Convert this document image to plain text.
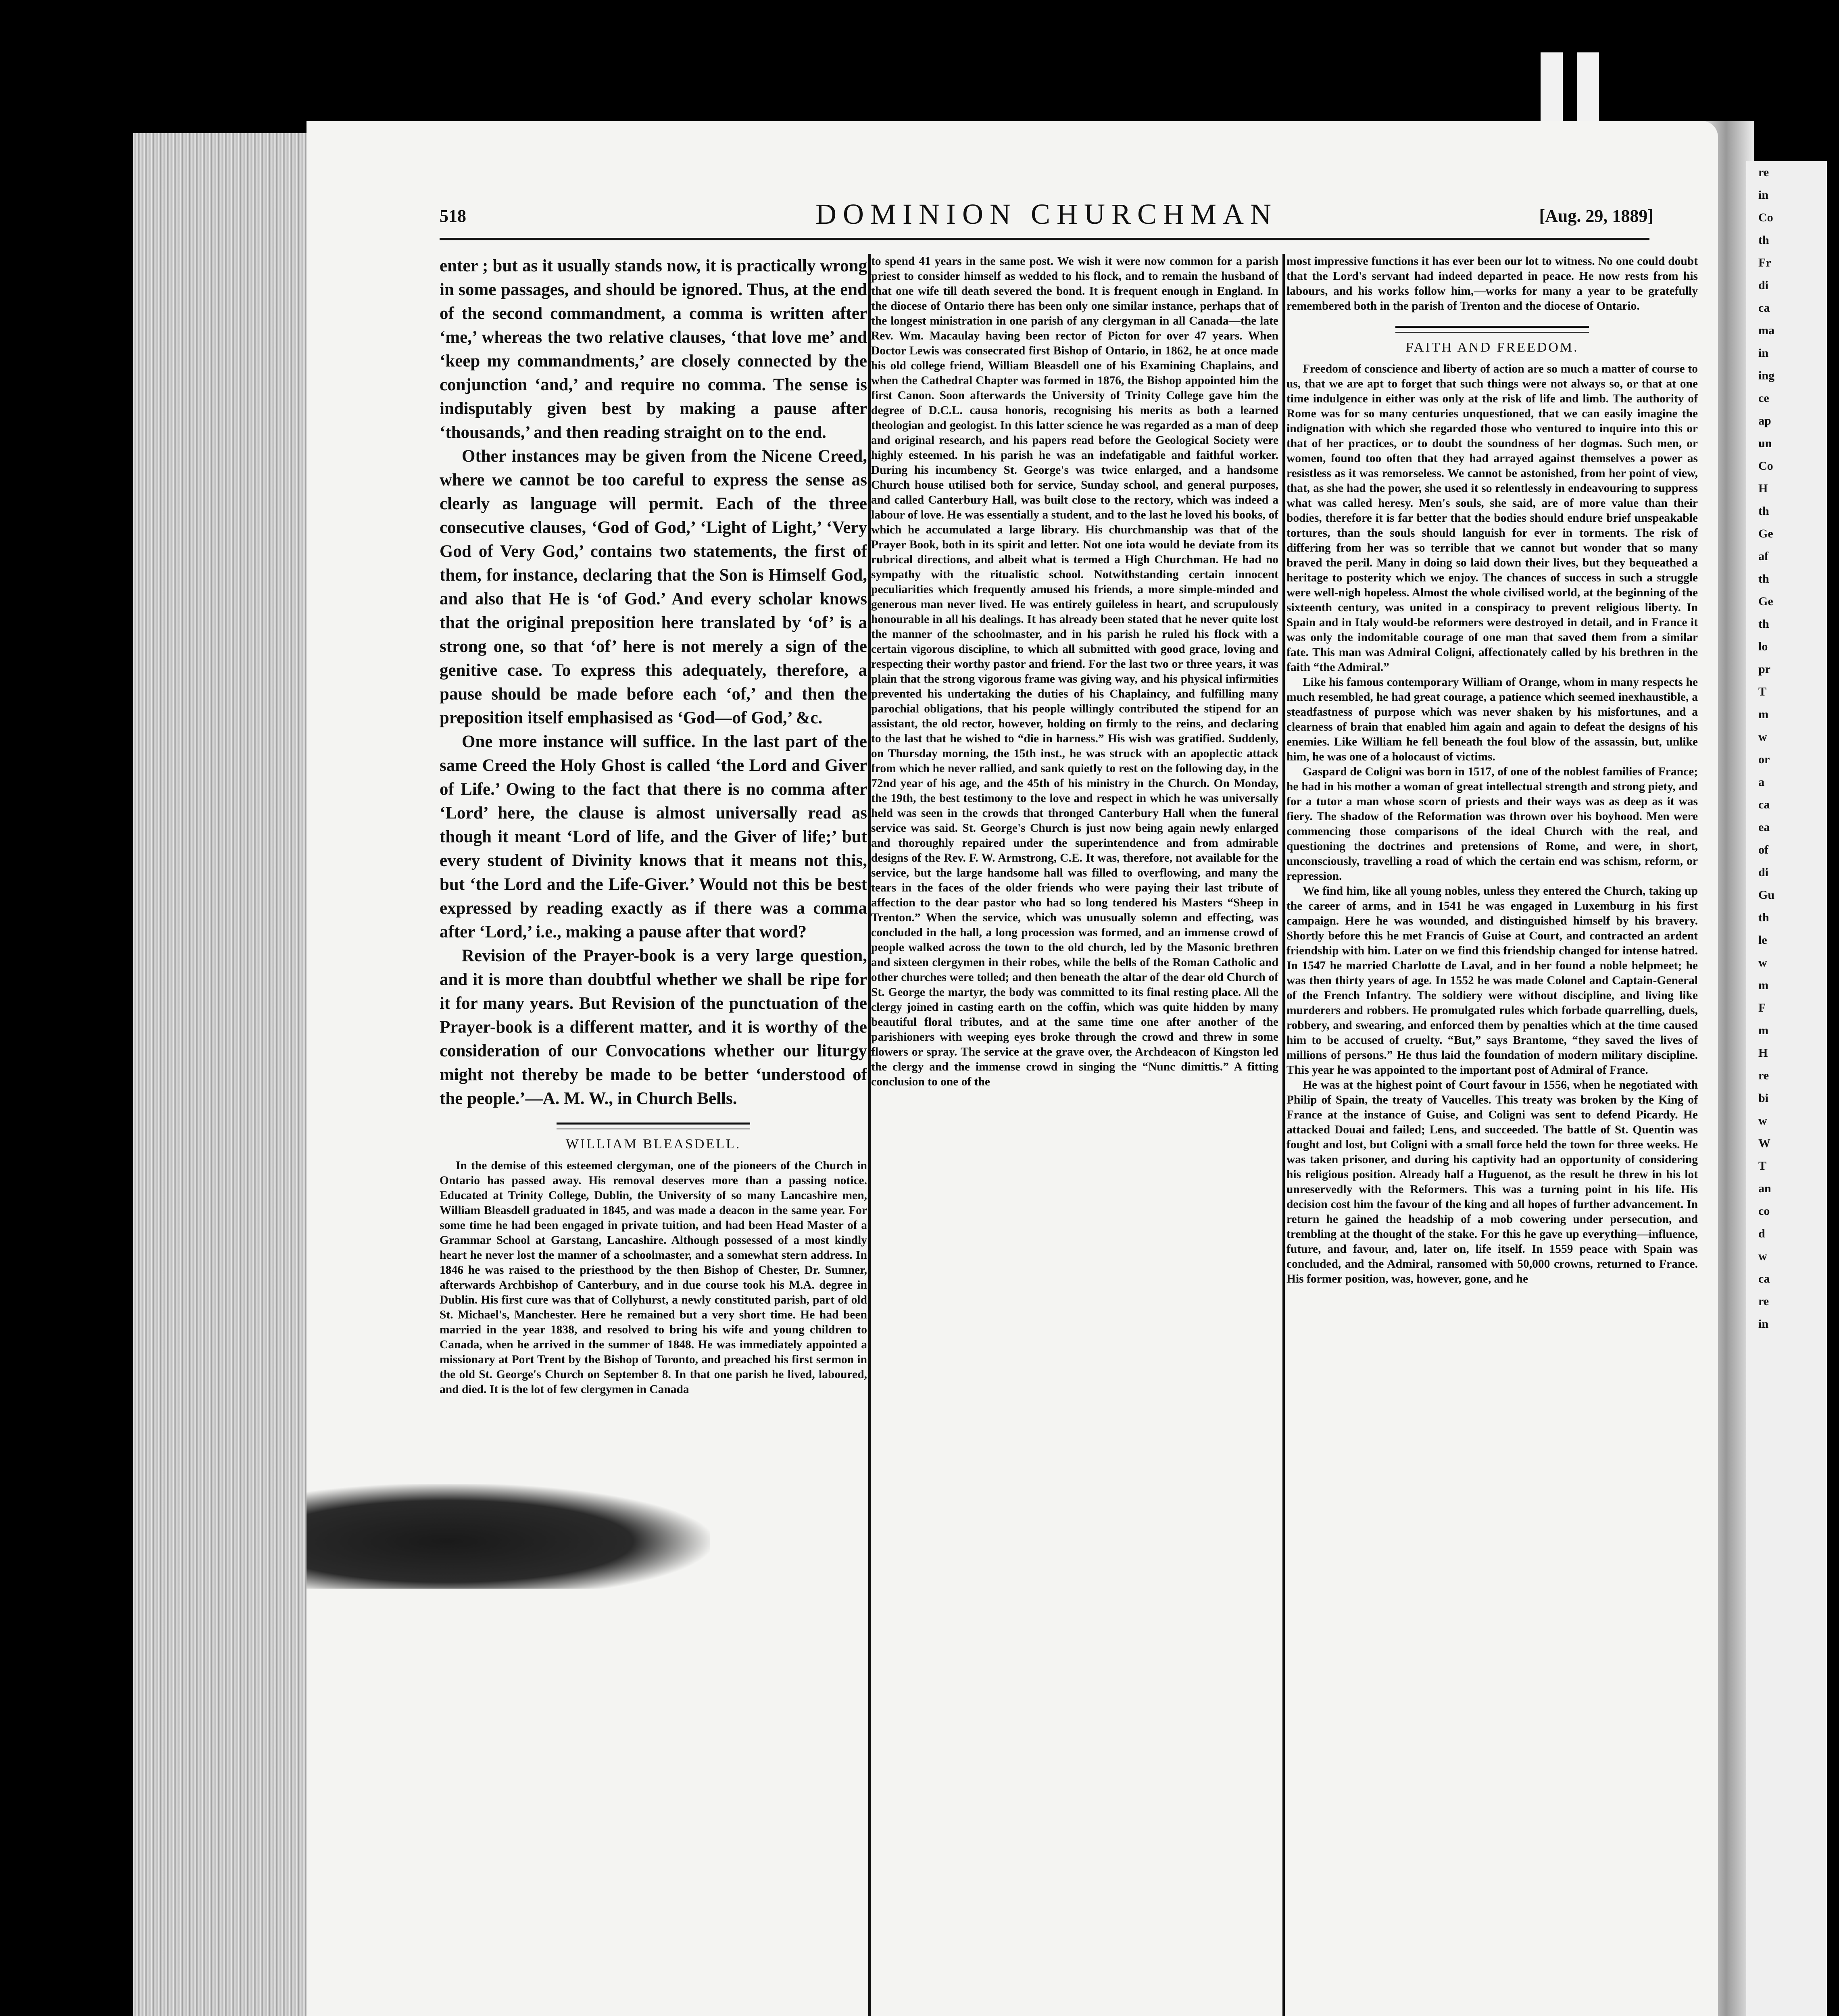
re
in
Co
th
Fr
di
ca
ma
in
ing
ce
ap
un
Co
H
th
Ge
af
th
Ge
th
lo
pr
T
m
w
or
a
ca
ea
of
di
Gu
th
le
w
m
F
m
H
re
bi
w
W
T
an
co
d
w
ca
re
in
518	DOMINION CHURCHMAN	[Aug. 29, 1889]

enter ; but as it usually stands now, it is practically wrong in some passages, and should be ignored. Thus, at the end of the second commandment, a comma is written after ‘me,’ whereas the two relative clauses, ‘that love me’ and ‘keep my commandments,’ are closely connected by the conjunction ‘and,’ and require no comma. The sense is indisputably given best by making a pause after ‘thousands,’ and then reading straight on to the end.

Other instances may be given from the Nicene Creed, where we cannot be too careful to express the sense as clearly as language will permit. Each of the three consecutive clauses, ‘God of God,’ ‘Light of Light,’ ‘Very God of Very God,’ contains two statements, the first of them, for instance, declaring that the Son is Himself God, and also that He is ‘of God.’ And every scholar knows that the original preposition here translated by ‘of’ is a strong one, so that ‘of’ here is not merely a sign of the genitive case. To express this adequately, therefore, a pause should be made before each ‘of,’ and then the preposition itself emphasised as ‘God—of God,’ &c.

One more instance will suffice. In the last part of the same Creed the Holy Ghost is called ‘the Lord and Giver of Life.’ Owing to the fact that there is no comma after ‘Lord’ here, the clause is almost universally read as though it meant ‘Lord of life, and the Giver of life;’ but every student of Divinity knows that it means not this, but ‘the Lord and the Life-Giver.’ Would not this be best expressed by reading exactly as if there was a comma after ‘Lord,’ i.e., making a pause after that word?

Revision of the Prayer-book is a very large question, and it is more than doubtful whether we shall be ripe for it for many years. But Revision of the punctuation of the Prayer-book is a different matter, and it is worthy of the consideration of our Convocations whether our liturgy might not thereby be made to be better ‘understood of the people.’—A. M. W., in Church Bells.

WILLIAM BLEASDELL.

In the demise of this esteemed clergyman, one of the pioneers of the Church in Ontario has passed away. His removal deserves more than a passing notice. Educated at Trinity College, Dublin, the University of so many Lancashire men, William Bleasdell graduated in 1845, and was made a deacon in the same year. For some time he had been engaged in private tuition, and had been Head Master of a Grammar School at Garstang, Lancashire. Although possessed of a most kindly heart he never lost the manner of a schoolmaster, and a somewhat stern address. In 1846 he was raised to the priesthood by the then Bishop of Chester, Dr. Sumner, afterwards Archbishop of Canterbury, and in due course took his M.A. degree in Dublin. His first cure was that of Collyhurst, a newly constituted parish, part of old St. Michael's, Manchester. Here he remained but a very short time. He had been married in the year 1838, and resolved to bring his wife and young children to Canada, when he arrived in the summer of 1848. He was immediately appointed a missionary at Port Trent by the Bishop of Toronto, and preached his first sermon in the old St. George's Church on September 8. In that one parish he lived, laboured, and died. It is the lot of few clergymen in Canada

to spend 41 years in the same post. We wish it were now common for a parish priest to consider himself as wedded to his flock, and to remain the husband of that one wife till death severed the bond. It is frequent enough in England. In the diocese of Ontario there has been only one similar instance, perhaps that of the longest ministration in one parish of any clergyman in all Canada—the late Rev. Wm. Macaulay having been rector of Picton for over 47 years. When Doctor Lewis was consecrated first Bishop of Ontario, in 1862, he at once made his old college friend, William Bleasdell one of his Examining Chaplains, and when the Cathedral Chapter was formed in 1876, the Bishop appointed him the first Canon. Soon afterwards the University of Trinity College gave him the degree of D.C.L. causa honoris, recognising his merits as both a learned theologian and geologist. In this latter science he was regarded as a man of deep and original research, and his papers read before the Geological Society were highly esteemed. In his parish he was an indefatigable and faithful worker. During his incumbency St. George's was twice enlarged, and a handsome Church house utilised both for service, Sunday school, and general purposes, and called Canterbury Hall, was built close to the rectory, which was indeed a labour of love. He was essentially a student, and to the last he loved his books, of which he accumulated a large library. His churchmanship was that of the Prayer Book, both in its spirit and letter. Not one iota would he deviate from its rubrical directions, and albeit what is termed a High Churchman. He had no sympathy with the ritualistic school. Notwithstanding certain innocent peculiarities which frequently amused his friends, a more simple-minded and generous man never lived. He was entirely guileless in heart, and scrupulously honourable in all his dealings. It has already been stated that he never quite lost the manner of the schoolmaster, and in his parish he ruled his flock with a certain vigorous discipline, to which all submitted with good grace, loving and respecting their worthy pastor and friend. For the last two or three years, it was plain that the strong vigorous frame was giving way, and his physical infirmities prevented his undertaking the duties of his Chaplaincy, and fulfilling many parochial obligations, that his people willingly contributed the stipend for an assistant, the old rector, however, holding on firmly to the reins, and declaring to the last that he wished to “die in harness.” His wish was gratified. Suddenly, on Thursday morning, the 15th inst., he was struck with an apoplectic attack from which he never rallied, and sank quietly to rest on the following day, in the 72nd year of his age, and the 45th of his ministry in the Church. On Monday, the 19th, the best testimony to the love and respect in which he was universally held was seen in the crowds that thronged Canterbury Hall when the funeral service was said. St. George's Church is just now being again newly enlarged and thoroughly repaired under the superintendence and from admirable designs of the Rev. F. W. Armstrong, C.E. It was, therefore, not available for the service, but the large handsome hall was filled to overflowing, and many the tears in the faces of the older friends who were paying their last tribute of affection to the dear pastor who had so long tendered his Masters “Sheep in Trenton.” When the service, which was unusually solemn and effecting, was concluded in the hall, a long procession was formed, and an immense crowd of people walked across the town to the old church, led by the Masonic brethren and sixteen clergymen in their robes, while the bells of the Roman Catholic and other churches were tolled; and then beneath the altar of the dear old Church of St. George the martyr, the body was committed to its final resting place. All the clergy joined in casting earth on the coffin, which was quite hidden by many beautiful floral tributes, and at the same time one after another of the parishioners with weeping eyes broke through the crowd and threw in some flowers or spray. The service at the grave over, the Archdeacon of Kingston led the clergy and the immense crowd in singing the “Nunc dimittis.” A fitting conclusion to one of the

most impressive functions it has ever been our lot to witness. No one could doubt that the Lord's servant had indeed departed in peace. He now rests from his labours, and his works follow him,—works for many a year to be gratefully remembered both in the parish of Trenton and the diocese of Ontario.

FAITH AND FREEDOM.

Freedom of conscience and liberty of action are so much a matter of course to us, that we are apt to forget that such things were not always so, or that at one time indulgence in either was only at the risk of life and limb. The authority of Rome was for so many centuries unquestioned, that we can easily imagine the indignation with which she regarded those who ventured to inquire into this or that of her practices, or to doubt the soundness of her dogmas. Such men, or women, found too often that they had arrayed against themselves a power as resistless as it was remorseless. We cannot be astonished, from her point of view, that, as she had the power, she used it so relentlessly in endeavouring to suppress what was called heresy. Men's souls, she said, are of more value than their bodies, therefore it is far better that the bodies should endure brief unspeakable tortures, than the souls should languish for ever in torments. The risk of differing from her was so terrible that we cannot but wonder that so many braved the peril. Many in doing so laid down their lives, but they bequeathed a heritage to posterity which we enjoy. The chances of success in such a struggle were well-nigh hopeless. Almost the whole civilised world, at the beginning of the sixteenth century, was united in a conspiracy to prevent religious liberty. In Spain and in Italy would-be reformers were destroyed in detail, and in France it was only the indomitable courage of one man that saved them from a similar fate. This man was Admiral Coligni, affectionately called by his brethren in the faith “the Admiral.”

Like his famous contemporary William of Orange, whom in many respects he much resembled, he had great courage, a patience which seemed inexhaustible, a steadfastness of purpose which was never shaken by his misfortunes, and a clearness of brain that enabled him again and again to defeat the designs of his enemies. Like William he fell beneath the foul blow of the assassin, but, unlike him, he was one of a holocaust of victims.

Gaspard de Coligni was born in 1517, of one of the noblest families of France; he had in his mother a woman of great intellectual strength and strong piety, and for a tutor a man whose scorn of priests and their ways was as deep as it was fiery. The shadow of the Reformation was thrown over his boyhood. Men were commencing those comparisons of the ideal Church with the real, and questioning the doctrines and pretensions of Rome, and were, in short, unconsciously, travelling a road of which the certain end was schism, reform, or repression.

We find him, like all young nobles, unless they entered the Church, taking up the career of arms, and in 1541 he was engaged in Luxemburg in his first campaign. Here he was wounded, and distinguished himself by his bravery. Shortly before this he met Francis of Guise at Court, and contracted an ardent friendship with him. Later on we find this friendship changed for intense hatred. In 1547 he married Charlotte de Laval, and in her found a noble helpmeet; he was then thirty years of age. In 1552 he was made Colonel and Captain-General of the French Infantry. The soldiery were without discipline, and living like murderers and robbers. He promulgated rules which forbade quarrelling, duels, robbery, and swearing, and enforced them by penalties which at the time caused him to be accused of cruelty. “But,” says Brantome, “they saved the lives of millions of persons.” He thus laid the foundation of modern military discipline. This year he was appointed to the important post of Admiral of France.

He was at the highest point of Court favour in 1556, when he negotiated with Philip of Spain, the treaty of Vaucelles. This treaty was broken by the King of France at the instance of Guise, and Coligni was sent to defend Picardy. He attacked Douai and failed; Lens, and succeeded. The battle of St. Quentin was fought and lost, but Coligni with a small force held the town for three weeks. He was taken prisoner, and during his captivity had an opportunity of considering his religious position. Already half a Huguenot, as the result he threw in his lot unreservedly with the Reformers. This was a turning point in his life. His decision cost him the favour of the king and all hopes of further advancement. In return he gained the headship of a mob cowering under persecution, and trembling at the thought of the stake. For this he gave up everything—influence, future, and favour, and, later on, life itself. In 1559 peace with Spain was concluded, and the Admiral, ransomed with 50,000 crowns, returned to France. His former position, was, however, gone, and he
